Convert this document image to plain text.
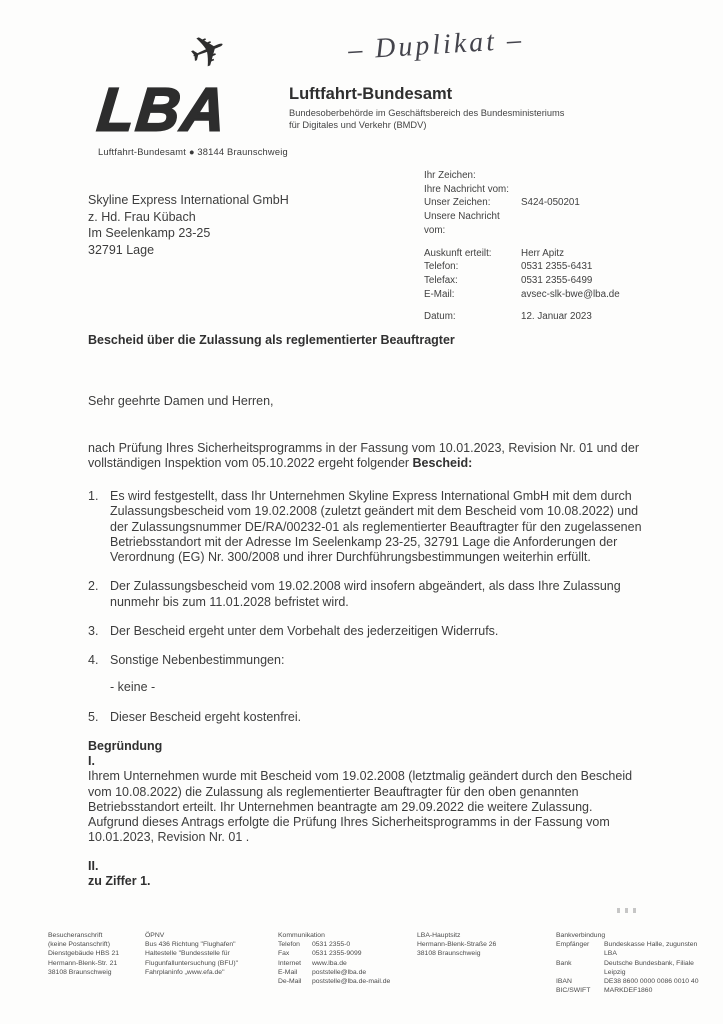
– Duplikat –
✈
LBA
Luftfahrt-Bundesamt ● 38144 Braunschweig
Luftfahrt-Bundesamt
Bundesoberbehörde im Geschäftsbereich des Bundesministeriums
für Digitales und Verkehr (BMDV)
Skyline Express International GmbH
z. Hd. Frau Kübach
Im Seelenkamp 23-25
32791 Lage
Ihr Zeichen:
Ihre Nachricht vom:
Unser Zeichen:	S424-050201
Unsere Nachricht vom:
Auskunft erteilt:	Herr Apitz
Telefon:	0531 2355-6431
Telefax:	0531 2355-6499
E-Mail:	avsec-slk-bwe@lba.de
Datum:	12. Januar 2023
Bescheid über die Zulassung als reglementierter Beauftragter
Sehr geehrte Damen und Herren,
nach Prüfung Ihres Sicherheitsprogramms in der Fassung vom 10.01.2023, Revision Nr. 01 und der vollständigen Inspektion vom 05.10.2022 ergeht folgender Bescheid:
1. Es wird festgestellt, dass Ihr Unternehmen Skyline Express International GmbH mit dem durch Zulassungsbescheid vom 19.02.2008 (zuletzt geändert mit dem Bescheid vom 10.08.2022) und der Zulassungsnummer DE/RA/00232-01 als reglementierter Beauftragter für den zugelassenen Betriebsstandort mit der Adresse Im Seelenkamp 23-25, 32791 Lage die Anforderungen der Verordnung (EG) Nr. 300/2008 und ihrer Durchführungsbestimmungen weiterhin erfüllt.
2. Der Zulassungsbescheid vom 19.02.2008 wird insofern abgeändert, als dass Ihre Zulassung nunmehr bis zum 11.01.2028 befristet wird.
3. Der Bescheid ergeht unter dem Vorbehalt des jederzeitigen Widerrufs.
4. Sonstige Nebenbestimmungen:
- keine -
5. Dieser Bescheid ergeht kostenfrei.
Begründung
I.
Ihrem Unternehmen wurde mit Bescheid vom 19.02.2008 (letztmalig geändert durch den Bescheid vom 10.08.2022) die Zulassung als reglementierter Beauftragter für den oben genannten Betriebsstandort erteilt. Ihr Unternehmen beantragte am 29.09.2022 die weitere Zulassung. Aufgrund dieses Antrags erfolgte die Prüfung Ihres Sicherheitsprogramms in der Fassung vom 10.01.2023, Revision Nr. 01 .
II.
zu Ziffer 1.
Besucheranschrift
(keine Postanschrift)
Dienstgebäude HBS 21
Hermann-Blenk-Str. 21
38108 Braunschweig
ÖPNV
Bus 436 Richtung "Flughafen"
Haltestelle "Bundesstelle für
Flugunfalluntersuchung (BFU)"
Fahrplaninfo „www.efa.de"
Kommunikation
Telefon	0531 2355-0
Fax	0531 2355-9099
Internet	www.lba.de
E-Mail	poststelle@lba.de
De-Mail	poststelle@lba.de-mail.de
LBA-Hauptsitz
Hermann-Blenk-Straße 26
38108 Braunschweig
Bankverbindung
Empfänger	Bundeskasse Halle, zugunsten LBA
Bank	Deutsche Bundesbank, Filiale Leipzig
IBAN	DE38 8600 0000 0086 0010 40
BIC/SWIFT	MARKDEF1860
